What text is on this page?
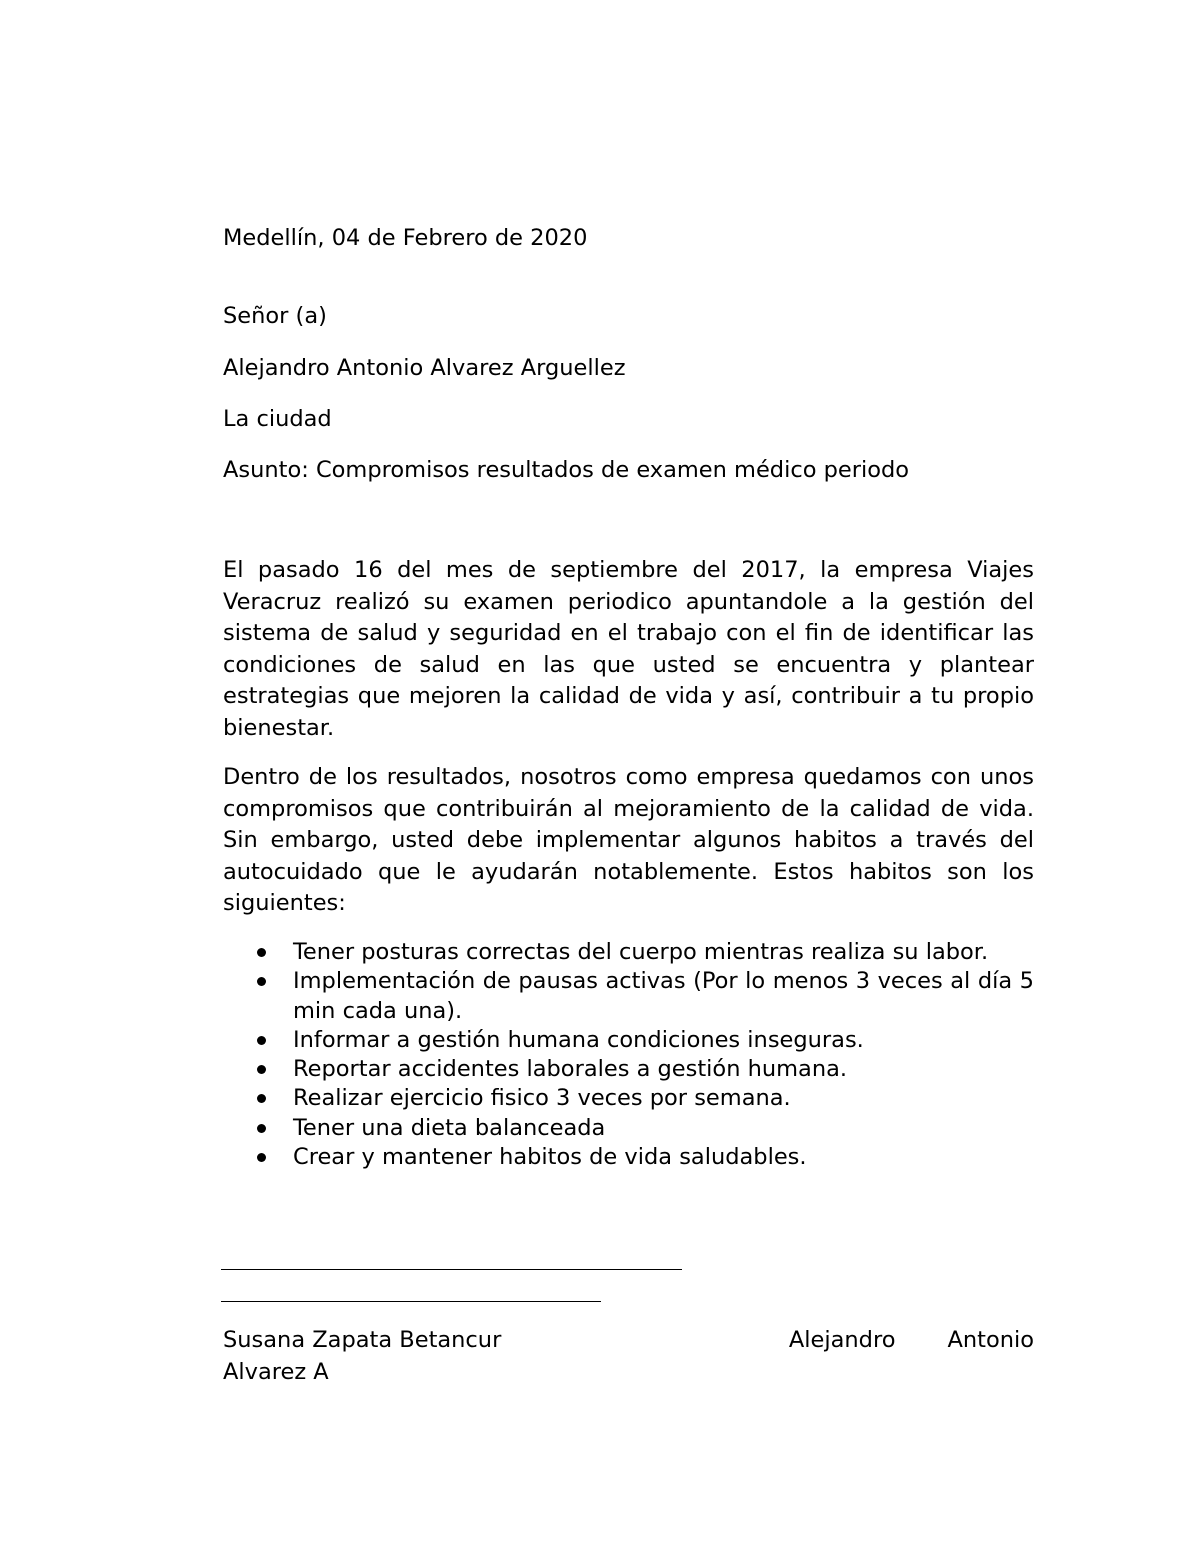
Medellín, 04 de Febrero de 2020
Señor (a)
Alejandro Antonio Alvarez Arguellez
La ciudad
Asunto: Compromisos resultados de examen médico periodo

El pasado 16 del mes de septiembre del 2017, la empresa Viajes Veracruz realizó su examen periodico apuntandole a la gestión del sistema de salud y seguridad en el trabajo con el fin de identificar las condiciones de salud en las que usted se encuentra y plantear estrategias que mejoren la calidad de vida y así, contribuir a tu propio bienestar.

Dentro de los resultados, nosotros como empresa quedamos con unos compromisos que contribuirán al mejoramiento de la calidad de vida. Sin embargo, usted debe implementar algunos habitos a través del autocuidado que le ayudarán notablemente. Estos habitos son los siguientes:

Tener posturas correctas del cuerpo mientras realiza su labor.
Implementación de pausas activas (Por lo menos 3 veces al día 5 min cada una).
Informar a gestión humana condiciones inseguras.
Reportar accidentes laborales a gestión humana.
Realizar ejercicio fisico 3 veces por semana.
Tener una dieta balanceada
Crear y mantener habitos de vida saludables.
Susana Zapata Betancur	Alejandro Antonio
Alvarez A
